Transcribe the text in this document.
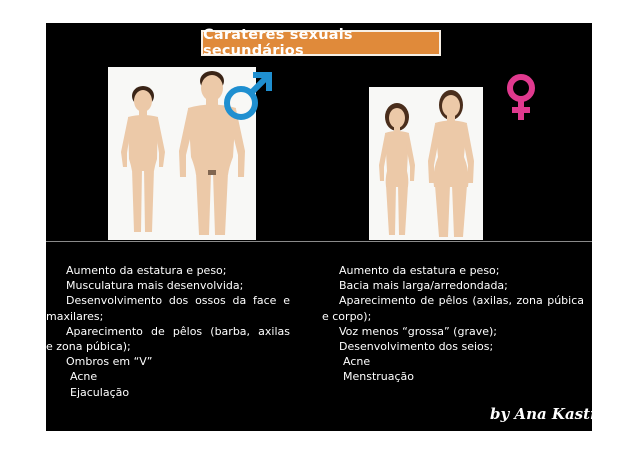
Carateres sexuais secundários
Aumento da estatura e peso;
Musculatura mais desenvolvida;
Desenvolvimento dos ossos da face e
maxilares;
Aparecimento de pêlos (barba, axilas
e zona púbica);
Ombros em “V”
Acne
Ejaculação
Aumento da estatura e peso;
Bacia mais larga/arredondada;
Aparecimento de pêlos (axilas, zona púbica
e corpo);
Voz menos “grossa” (grave);
Desenvolvimento dos seios;
Acne
Menstruação
by Ana Kastro
